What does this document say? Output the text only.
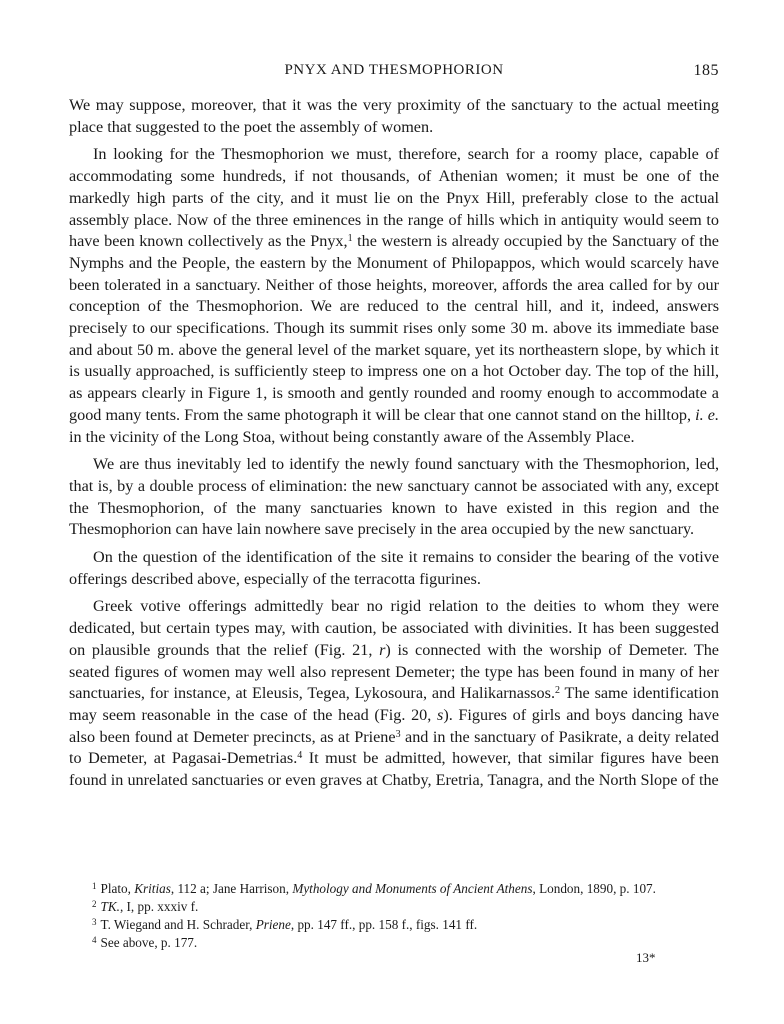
PNYX AND THESMOPHORION	185

We may suppose, moreover, that it was the very proximity of the sanctuary to the actual meeting place that suggested to the poet the assembly of women.

In looking for the Thesmophorion we must, therefore, search for a roomy place, capable of accommodating some hundreds, if not thousands, of Athenian women; it must be one of the markedly high parts of the city, and it must lie on the Pnyx Hill, preferably close to the actual assembly place. Now of the three eminences in the range of hills which in antiquity would seem to have been known collectively as the Pnyx,$^1$ the western is already occupied by the Sanctuary of the Nymphs and the People, the eastern by the Monument of Philopappos, which would scarcely have been tolerated in a sanctuary. Neither of those heights, moreover, affords the area called for by our conception of the Thesmophorion. We are reduced to the central hill, and it, indeed, answers precisely to our specifications. Though its summit rises only some 30 m. above its immediate base and about 50 m. above the general level of the market square, yet its northeastern slope, by which it is usually approached, is sufficiently steep to impress one on a hot October day. The top of the hill, as appears clearly in Figure 1, is smooth and gently rounded and roomy enough to accommodate a good many tents. From the same photograph it will be clear that one cannot stand on the hilltop, i. e. in the vicinity of the Long Stoa, without being constantly aware of the Assembly Place.

We are thus inevitably led to identify the newly found sanctuary with the Thesmophorion, led, that is, by a double process of elimination: the new sanctuary cannot be associated with any, except the Thesmophorion, of the many sanctuaries known to have existed in this region and the Thesmophorion can have lain nowhere save precisely in the area occupied by the new sanctuary.

On the question of the identification of the site it remains to consider the bearing of the votive offerings described above, especially of the terracotta figurines.

Greek votive offerings admittedly bear no rigid relation to the deities to whom they were dedicated, but certain types may, with caution, be associated with divinities. It has been suggested on plausible grounds that the relief (Fig. 21, r) is connected with the worship of Demeter. The seated figures of women may well also represent Demeter; the type has been found in many of her sanctuaries, for instance, at Eleusis, Tegea, Lykosoura, and Halikarnassos.$^2$ The same identification may seem reasonable in the case of the head (Fig. 20, s). Figures of girls and boys dancing have also been found at Demeter precincts, as at Priene$^3$ and in the sanctuary of Pasikrate, a deity related to Demeter, at Pagasai-Demetrias.$^4$ It must be admitted, however, that similar figures have been found in unrelated sanctuaries or even graves at Chatby, Eretria, Tanagra, and the North Slope of the

$^1$ Plato, Kritias, 112 a; Jane Harrison, Mythology and Monuments of Ancient Athens, London, 1890, p. 107.
$^2$ TK., I, pp. xxxiv f.
$^3$ T. Wiegand and H. Schrader, Priene, pp. 147 ff., pp. 158 f., figs. 141 ff.
$^4$ See above, p. 177.
13*
